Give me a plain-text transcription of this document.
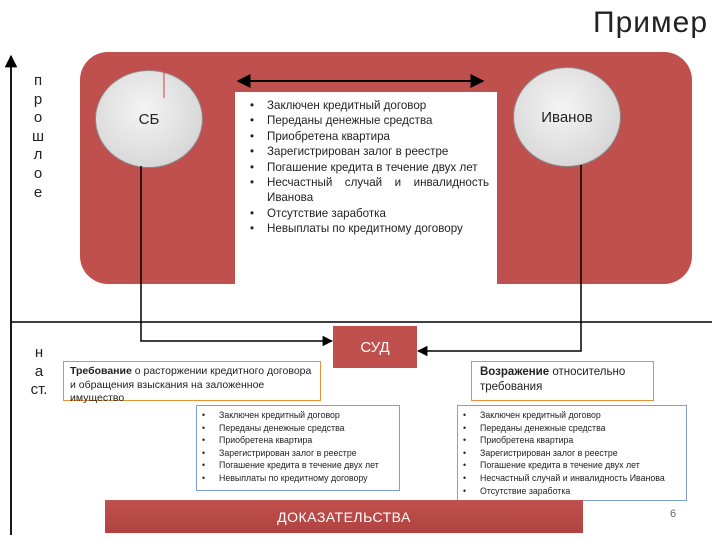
Пример
п
р
о
ш
л
о
е
н
а
ст.
СБ	Иванов
• Заключен кредитный договор
• Переданы денежные средства
• Приобретена квартира
• Зарегистрирован залог в реестре
• Погашение кредита в течение двух лет
• Несчастный случай и инвалидность Иванова
• Отсутствие заработка
• Невыплаты по кредитному договору
СУД
Требование о расторжении кредитного договора и обращения взыскания на заложенное имущество
Возражение относительно требования
• Заключен кредитный договор
• Переданы денежные средства
• Приобретена квартира
• Зарегистрирован залог в реестре
• Погашение кредита в течение двух лет
• Невыплаты по кредитному договору
• Заключен кредитный договор
• Переданы денежные средства
• Приобретена квартира
• Зарегистрирован залог в реестре
• Погашение кредита в течение двух лет
• Несчастный случай и инвалидность Иванова
• Отсутствие заработка
ДОКАЗАТЕЛЬСТВА	6
